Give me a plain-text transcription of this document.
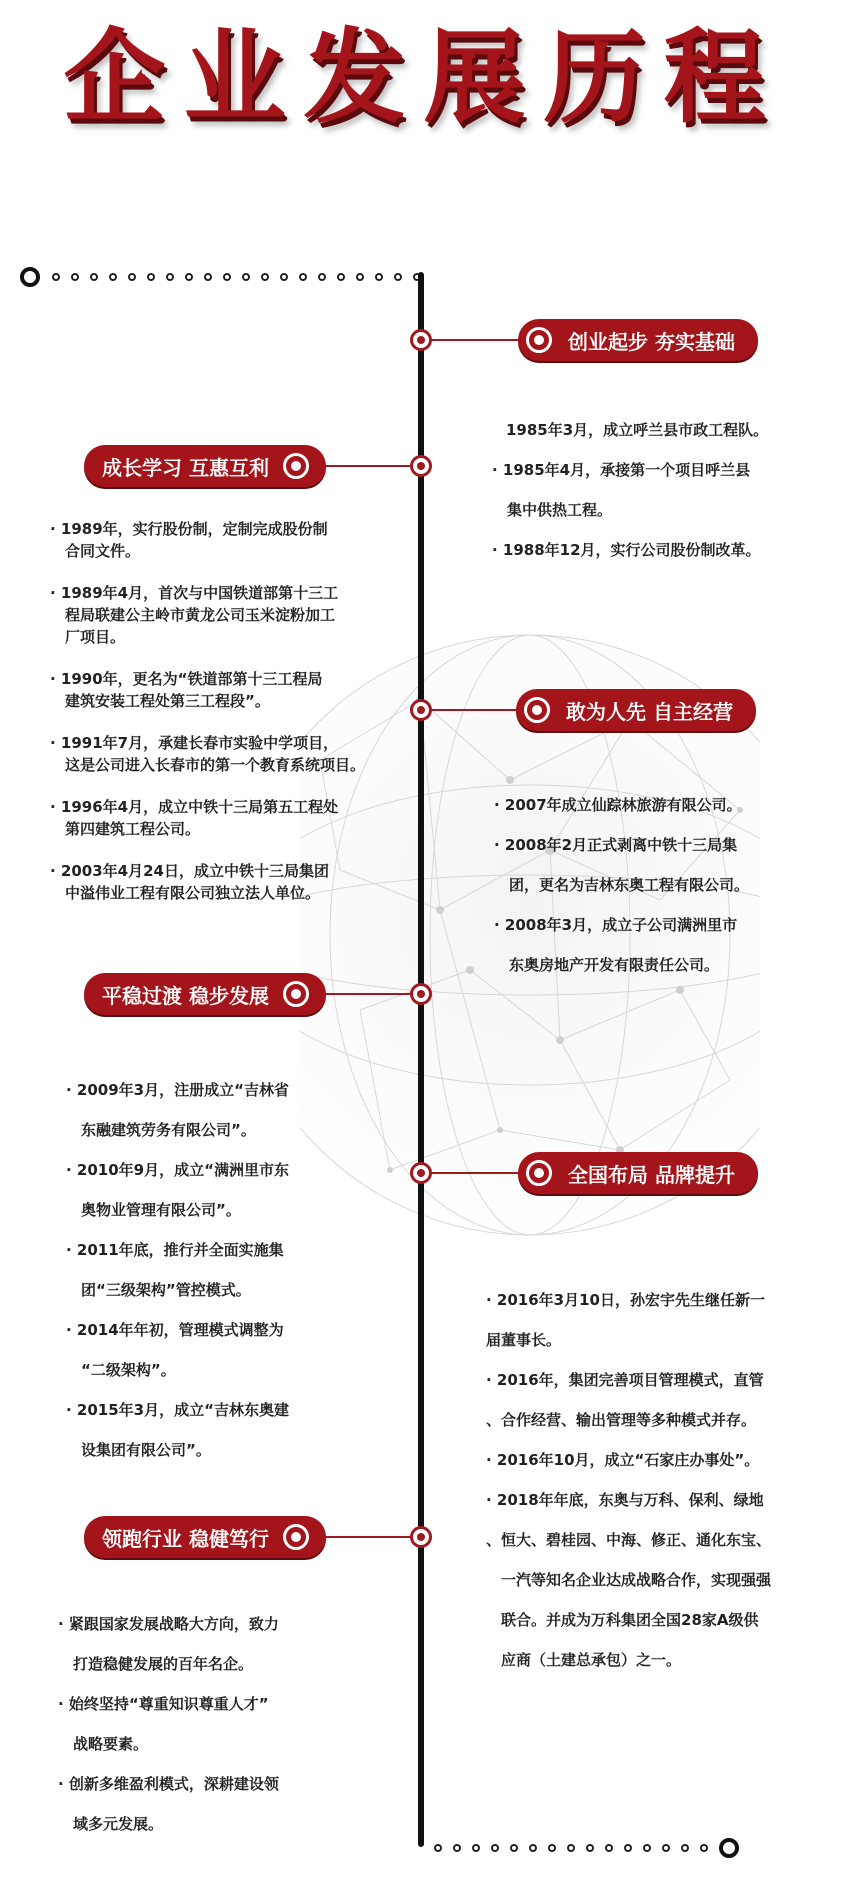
企业发展历程
创业起步 夯实基础
1985年3月，成立呼兰县市政工程队。
· 1985年4月，承接第一个项目呼兰县
　集中供热工程。
· 1988年12月，实行公司股份制改革。
成长学习 互惠互利
· 1989年，实行股份制，定制完成股份制
　合同文件。
· 1989年4月，首次与中国铁道部第十三工
　程局联建公主岭市黄龙公司玉米淀粉加工
　厂项目。
· 1990年，更名为“铁道部第十三工程局
　建筑安装工程处第三工程段”。
· 1991年7月，承建长春市实验中学项目，
　这是公司进入长春市的第一个教育系统项目。
· 1996年4月，成立中铁十三局第五工程处
　第四建筑工程公司。
· 2003年4月24日，成立中铁十三局集团
　中溢伟业工程有限公司独立法人单位。
敢为人先 自主经营
· 2007年成立仙踪林旅游有限公司。
· 2008年2月正式剥离中铁十三局集
　团，更名为吉林东奥工程有限公司。
· 2008年3月，成立子公司满洲里市
　东奥房地产开发有限责任公司。
平稳过渡 稳步发展
· 2009年3月，注册成立“吉林省
　东融建筑劳务有限公司”。
· 2010年9月，成立“满洲里市东
　奥物业管理有限公司”。
· 2011年底，推行并全面实施集
　团“三级架构”管控模式。
· 2014年年初，管理模式调整为
　“二级架构”。
· 2015年3月，成立“吉林东奥建
　设集团有限公司”。
全国布局 品牌提升
· 2016年3月10日，孙宏宇先生继任新一
届董事长。
· 2016年，集团完善项目管理模式，直管
、合作经营、输出管理等多种模式并存。
· 2016年10月，成立“石家庄办事处”。
· 2018年年底，东奥与万科、保利、绿地
、恒大、碧桂园、中海、修正、通化东宝、
　一汽等知名企业达成战略合作，实现强强
　联合。并成为万科集团全国28家A级供
　应商（土建总承包）之一。
领跑行业 稳健笃行
· 紧跟国家发展战略大方向，致力
　打造稳健发展的百年名企。
· 始终坚持“尊重知识尊重人才”
　战略要素。
· 创新多维盈利模式，深耕建设领
　域多元发展。
